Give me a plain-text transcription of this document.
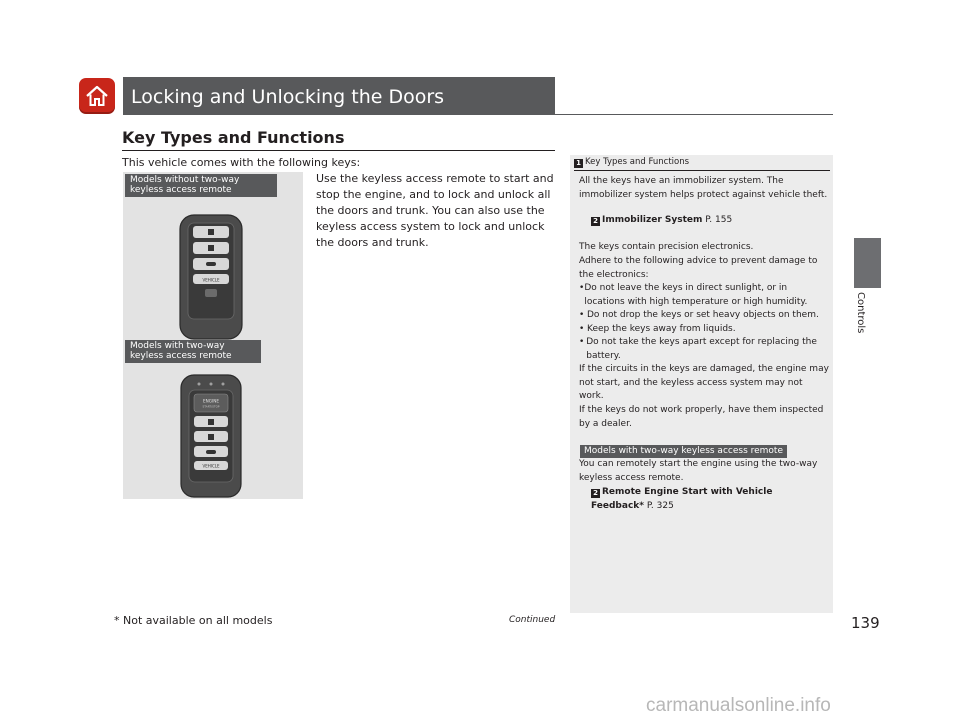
Locking and Unlocking the Doors
Key Types and Functions
This vehicle comes with the following keys:
Use the keyless access remote to start and stop the engine, and to lock and unlock all the doors and trunk. You can also use the keyless access system to lock and unlock the doors and trunk.
VEHICLE
ENGINE
START/STOP
VEHICLE
Models without two-way keyless access remote
Models with two-way keyless access remote
1 Key Types and Functions
All the keys have an immobilizer system. The immobilizer system helps protect against vehicle theft.
2 Immobilizer System P. 155
The keys contain precision electronics.
Adhere to the following advice to prevent damage to the electronics:
• Do not leave the keys in direct sunlight, or in locations with high temperature or high humidity.
• Do not drop the keys or set heavy objects on them.
• Keep the keys away from liquids.
• Do not take the keys apart except for replacing the battery.
If the circuits in the keys are damaged, the engine may not start, and the keyless access system may not work.
If the keys do not work properly, have them inspected by a dealer.
Models with two-way keyless access remote
You can remotely start the engine using the two-way keyless access remote.
2 Remote Engine Start with Vehicle Feedback* P. 325
Controls
* Not available on all models	Continued	139
carmanualsonline.info
